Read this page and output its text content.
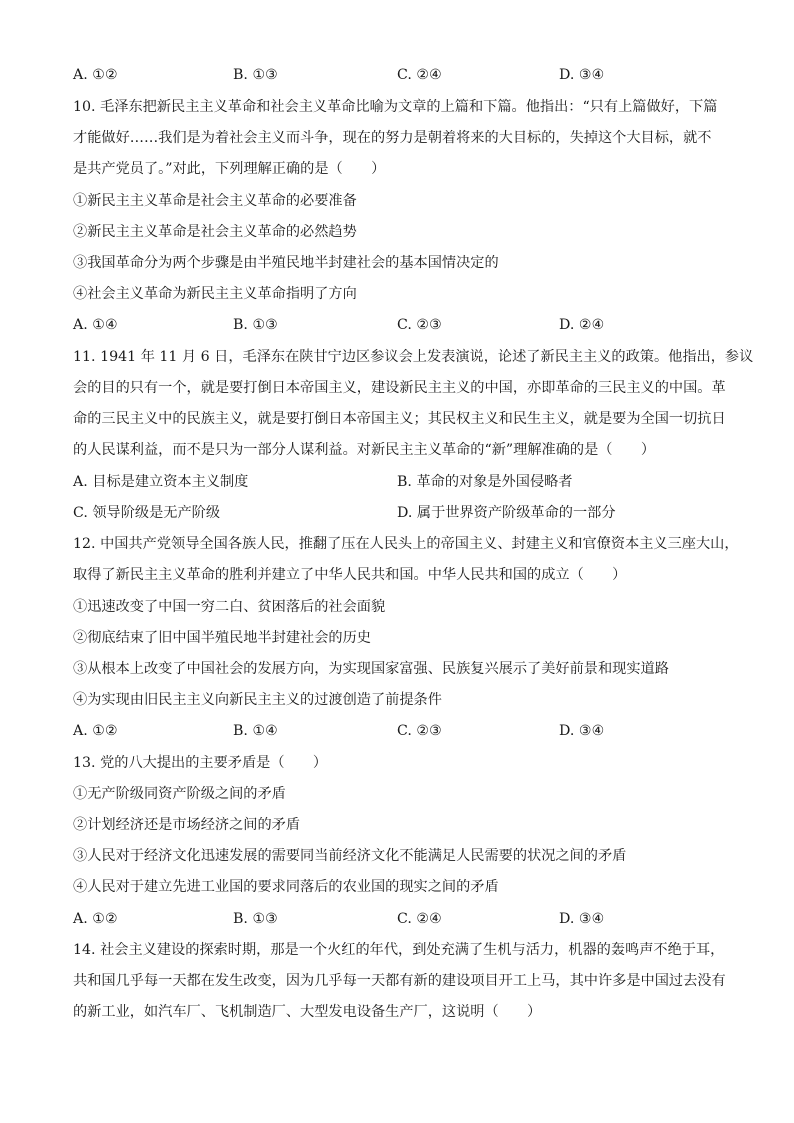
A. ①②	B. ①③	C. ②④	D. ③④
10. 毛泽东把新民主主义革命和社会主义革命比喻为文章的上篇和下篇。他指出：“只有上篇做好，下篇
才能做好……我们是为着社会主义而斗争，现在的努力是朝着将来的大目标的，失掉这个大目标，就不
是共产党员了。”对此，下列理解正确的是（　　）
①新民主主义革命是社会主义革命的必要准备
②新民主主义革命是社会主义革命的必然趋势
③我国革命分为两个步骤是由半殖民地半封建社会的基本国情决定的
④社会主义革命为新民主主义革命指明了方向
A. ①④	B. ①③	C. ②③	D. ②④
11. 1941 年 11 月 6 日，毛泽东在陕甘宁边区参议会上发表演说，论述了新民主主义的政策。他指出，参议
会的目的只有一个，就是要打倒日本帝国主义，建设新民主主义的中国，亦即革命的三民主义的中国。革
命的三民主义中的民族主义，就是要打倒日本帝国主义；其民权主义和民生主义，就是要为全国一切抗日
的人民谋利益，而不是只为一部分人谋利益。对新民主主义革命的“新”理解准确的是（　　）
A. 目标是建立资本主义制度	B. 革命的对象是外国侵略者
C. 领导阶级是无产阶级	D. 属于世界资产阶级革命的一部分
12. 中国共产党领导全国各族人民，推翻了压在人民头上的帝国主义、封建主义和官僚资本主义三座大山，
取得了新民主主义革命的胜利并建立了中华人民共和国。中华人民共和国的成立（　　）
①迅速改变了中国一穷二白、贫困落后的社会面貌
②彻底结束了旧中国半殖民地半封建社会的历史
③从根本上改变了中国社会的发展方向，为实现国家富强、民族复兴展示了美好前景和现实道路
④为实现由旧民主主义向新民主主义的过渡创造了前提条件
A. ①②	B. ①④	C. ②③	D. ③④
13. 党的八大提出的主要矛盾是（　　）
①无产阶级同资产阶级之间的矛盾
②计划经济还是市场经济之间的矛盾
③人民对于经济文化迅速发展的需要同当前经济文化不能满足人民需要的状况之间的矛盾
④人民对于建立先进工业国的要求同落后的农业国的现实之间的矛盾
A. ①②	B. ①③	C. ②④	D. ③④
14. 社会主义建设的探索时期，那是一个火红的年代，到处充满了生机与活力，机器的轰鸣声不绝于耳，
共和国几乎每一天都在发生改变，因为几乎每一天都有新的建设项目开工上马，其中许多是中国过去没有
的新工业，如汽车厂、飞机制造厂、大型发电设备生产厂，这说明（　　）
